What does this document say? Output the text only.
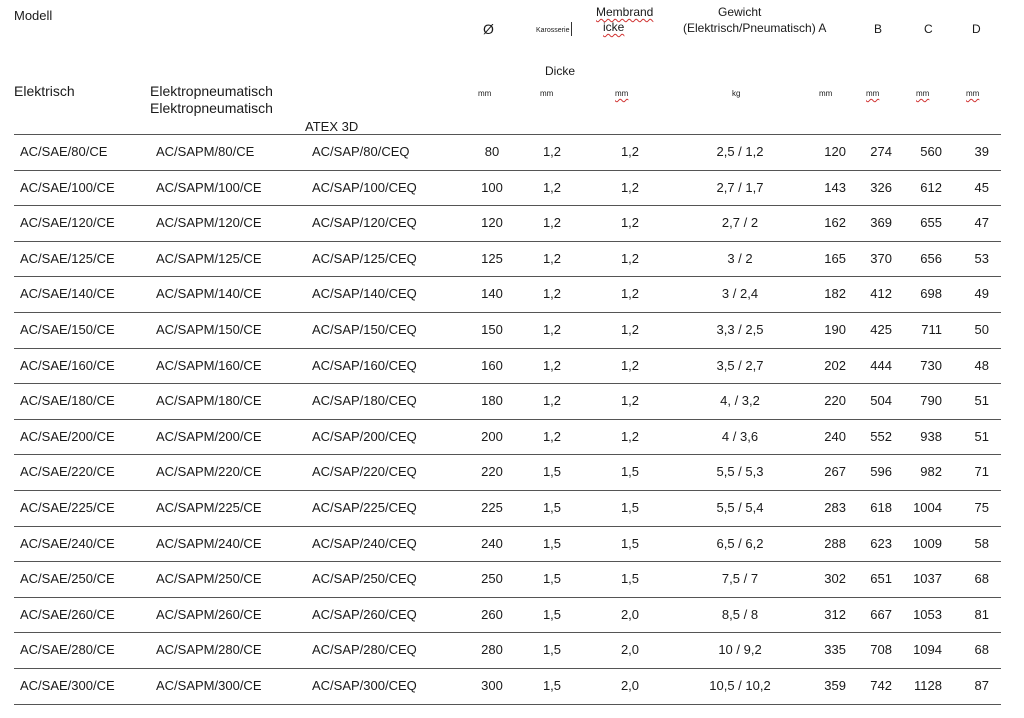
Modell
Elektrisch	Elektropneumatisch
Elektropneumatisch
ATEX 3D
Ø	Karosserie
Membrand
icke
Gewicht
(Elektrisch/Pneumatisch) A	B	C	D
Dicke
mm	mm	mm	kg	mm	mm	mm	mm
AC/SAE/80/CE	AC/SAPM/80/CE	AC/SAP/80/CEQ	80	1,2	1,2	2,5 / 1,2	120	274	560	39
AC/SAE/100/CE	AC/SAPM/100/CE	AC/SAP/100/CEQ	100	1,2	1,2	2,7 / 1,7	143	326	612	45
AC/SAE/120/CE	AC/SAPM/120/CE	AC/SAP/120/CEQ	120	1,2	1,2	2,7 / 2	162	369	655	47
AC/SAE/125/CE	AC/SAPM/125/CE	AC/SAP/125/CEQ	125	1,2	1,2	3 / 2	165	370	656	53
AC/SAE/140/CE	AC/SAPM/140/CE	AC/SAP/140/CEQ	140	1,2	1,2	3 / 2,4	182	412	698	49
AC/SAE/150/CE	AC/SAPM/150/CE	AC/SAP/150/CEQ	150	1,2	1,2	3,3 / 2,5	190	425	711	50
AC/SAE/160/CE	AC/SAPM/160/CE	AC/SAP/160/CEQ	160	1,2	1,2	3,5 / 2,7	202	444	730	48
AC/SAE/180/CE	AC/SAPM/180/CE	AC/SAP/180/CEQ	180	1,2	1,2	4, / 3,2	220	504	790	51
AC/SAE/200/CE	AC/SAPM/200/CE	AC/SAP/200/CEQ	200	1,2	1,2	4 / 3,6	240	552	938	51
AC/SAE/220/CE	AC/SAPM/220/CE	AC/SAP/220/CEQ	220	1,5	1,5	5,5 / 5,3	267	596	982	71
AC/SAE/225/CE	AC/SAPM/225/CE	AC/SAP/225/CEQ	225	1,5	1,5	5,5 / 5,4	283	618	1004	75
AC/SAE/240/CE	AC/SAPM/240/CE	AC/SAP/240/CEQ	240	1,5	1,5	6,5 / 6,2	288	623	1009	58
AC/SAE/250/CE	AC/SAPM/250/CE	AC/SAP/250/CEQ	250	1,5	1,5	7,5 / 7	302	651	1037	68
AC/SAE/260/CE	AC/SAPM/260/CE	AC/SAP/260/CEQ	260	1,5	2,0	8,5 / 8	312	667	1053	81
AC/SAE/280/CE	AC/SAPM/280/CE	AC/SAP/280/CEQ	280	1,5	2,0	10 / 9,2	335	708	1094	68
AC/SAE/300/CE	AC/SAPM/300/CE	AC/SAP/300/CEQ	300	1,5	2,0	10,5 / 10,2	359	742	1128	87
